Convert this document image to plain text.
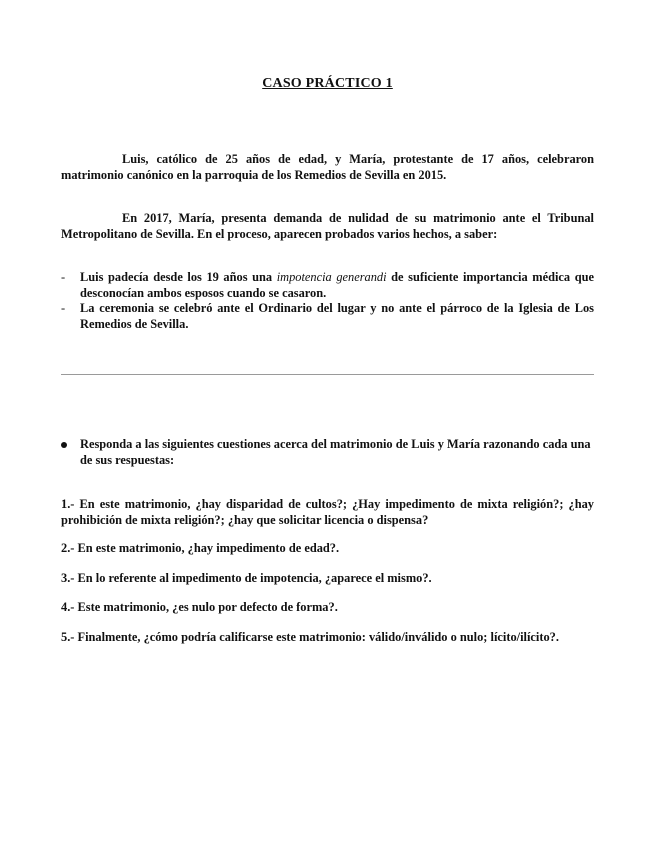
CASO PRÁCTICO 1
Luis, católico de 25 años de edad, y María, protestante de 17 años, celebraron matrimonio canónico en la parroquia de los Remedios de Sevilla en 2015.
En 2017, María, presenta demanda de nulidad de su matrimonio ante el Tribunal Metropolitano de Sevilla. En el proceso, aparecen probados varios hechos, a saber:
- Luis padecía desde los 19 años una impotencia generandi de suficiente importancia médica que desconocían ambos esposos cuando se casaron.
- La ceremonia se celebró ante el Ordinario del lugar y no ante el párroco de la Iglesia de Los Remedios de Sevilla.
Responda a las siguientes cuestiones acerca del matrimonio de Luis y María razonando cada una de sus respuestas:
1.- En este matrimonio, ¿hay disparidad de cultos?; ¿Hay impedimento de mixta religión?; ¿hay prohibición de mixta religión?; ¿hay que solicitar licencia o dispensa?
2.- En este matrimonio, ¿hay impedimento de edad?.
3.- En lo referente al impedimento de impotencia, ¿aparece el mismo?.
4.- Este matrimonio, ¿es nulo por defecto de forma?.
5.- Finalmente, ¿cómo podría calificarse este matrimonio: válido/inválido o nulo; lícito/ilícito?.
